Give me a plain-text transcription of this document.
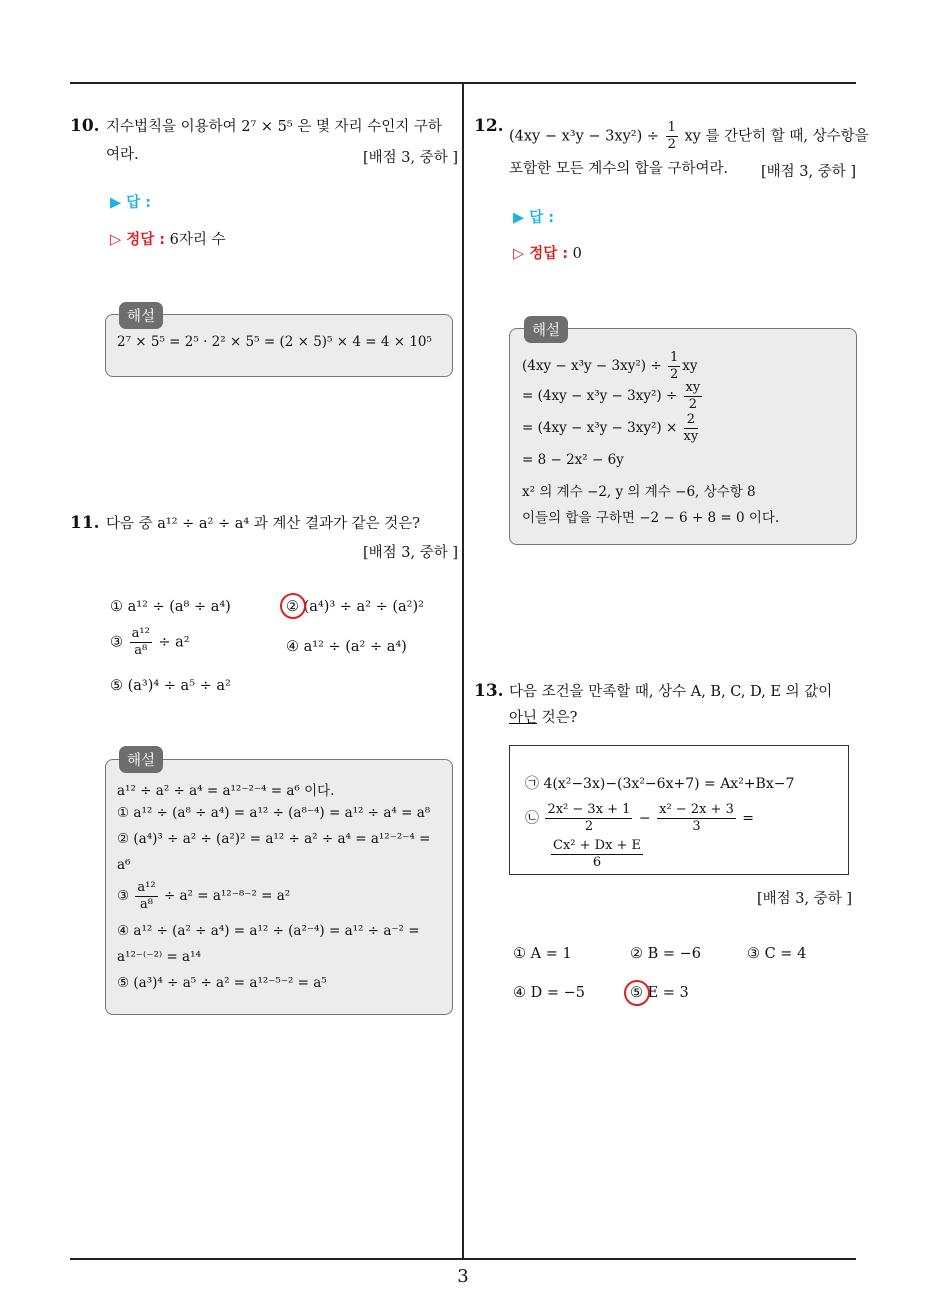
10. 지수법칙을 이용하여 2⁷ × 5⁵ 은 몇 자리 수인지 구하
여라.	[배점 3, 중하 ]
▶ 답 :
▷ 정답 : 6자리 수
해설
2⁷ × 5⁵ = 2⁵ · 2² × 5⁵ = (2 × 5)⁵ × 4 = 4 × 10⁵
11. 다음 중 a¹² ÷ a² ÷ a⁴ 과 계산 결과가 같은 것은?
[배점 3, 중하 ]
① a¹² ÷ (a⁸ ÷ a⁴)	② (a⁴)³ ÷ a² ÷ (a²)²
③ $\frac{\text{a¹²}}{\text{a⁸}} \div a^2$	④ a¹² ÷ (a² ÷ a⁴)
⑤ (a³)⁴ ÷ a⁵ ÷ a²
해설
a¹² ÷ a² ÷ a⁴ = a¹²⁻²⁻⁴ = a⁶ 이다.
① a¹² ÷ (a⁸ ÷ a⁴) = a¹² ÷ (a⁸⁻⁴) = a¹² ÷ a⁴ = a⁸
② (a⁴)³ ÷ a² ÷ (a²)² = a¹² ÷ a² ÷ a⁴ = a¹²⁻²⁻⁴ =
a⁶
③ $\frac{\text{a¹²}}{\text{a⁸}} \div a^2 = a^{12-8-2} = a^2$
④ a¹² ÷ (a² ÷ a⁴) = a¹² ÷ (a²⁻⁴) = a¹² ÷ a⁻² =
a¹²⁻⁽⁻²⁾ = a¹⁴
⑤ (a³)⁴ ÷ a⁵ ÷ a² = a¹²⁻⁵⁻² = a⁵
12.
$(4xy - x^3y - 3xy^2) \div \frac{1}{2}$ xy 를 간단히 할 때, 상수항을
포함한 모든 계수의 합을 구하여라.	[배점 3, 중하 ]
▶ 답 :
▷ 정답 : 0
해설
$(4xy - x^3y - 3xy^2) \div \frac{1}{2}$ xy
= $(4xy - x^3y - 3xy^2) \div \frac{xy}{2}$
= $(4xy - x^3y - 3xy^2) \times \frac{2}{xy}$
= 8 − 2x² − 6y
x² 의 계수 −2, y 의 계수 −6, 상수항 8
이들의 합을 구하면 −2 − 6 + 8 = 0 이다.
13. 다음 조건을 만족할 때, 상수 A, B, C, D, E 의 값이
아닌 것은?
㉠ 4(x²−3x)−(3x²−6x+7) = Ax²+Bx−7
㉡ $\frac{\text{2x² − 3x + 1}}{2} - \frac{\text{x² − 2x + 3}}{3}$ =
$\frac{\text{Cx² + Dx + E}}{6}$
[배점 3, 중하 ]
① A = 1	② B = −6	③ C = 4
④ D = −5	⑤ E = 3
3
